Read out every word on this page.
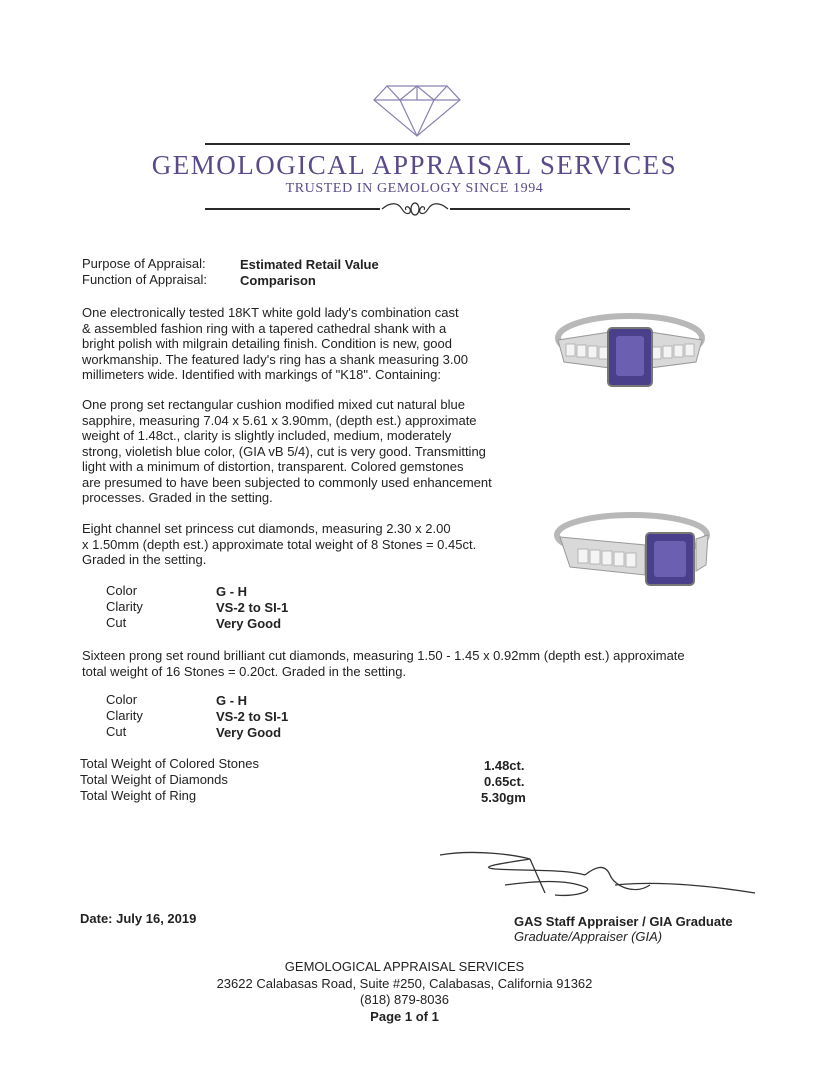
GEMOLOGICAL APPRAISAL SERVICES
TRUSTED IN GEMOLOGY SINCE 1994
Purpose of Appraisal:	Estimated Retail Value
Function of Appraisal:	Comparison
One electronically tested 18KT white gold lady's combination cast
& assembled fashion ring with a tapered cathedral shank with a
bright polish with milgrain detailing finish. Condition is new, good
workmanship. The featured lady's ring has a shank measuring 3.00
millimeters wide. Identified with markings of "K18". Containing:
One prong set rectangular cushion modified mixed cut natural blue
sapphire, measuring 7.04 x 5.61 x 3.90mm, (depth est.) approximate
weight of 1.48ct., clarity is slightly included, medium, moderately
strong, violetish blue color, (GIA vB 5/4), cut is very good. Transmitting
light with a minimum of distortion, transparent. Colored gemstones
are presumed to have been subjected to commonly used enhancement
processes. Graded in the setting.
Eight channel set princess cut diamonds, measuring 2.30 x 2.00
x 1.50mm (depth est.) approximate total weight of 8 Stones = 0.45ct.
Graded in the setting.
Color	G - H
Clarity	VS-2 to SI-1
Cut	Very Good
Sixteen prong set round brilliant cut diamonds, measuring 1.50 - 1.45 x 0.92mm (depth est.) approximate
total weight of 16 Stones = 0.20ct. Graded in the setting.
Color	G - H
Clarity	VS-2 to SI-1
Cut	Very Good
Total Weight of Colored Stones	1.48ct.
Total Weight of Diamonds	0.65ct.
Total Weight of Ring	5.30gm
Date: July 16, 2019	GAS Staff Appraiser / GIA Graduate
Graduate/Appraiser (GIA)
GEMOLOGICAL APPRAISAL SERVICES
23622 Calabasas Road, Suite #250, Calabasas, California 91362
(818) 879-8036
Page 1 of 1
